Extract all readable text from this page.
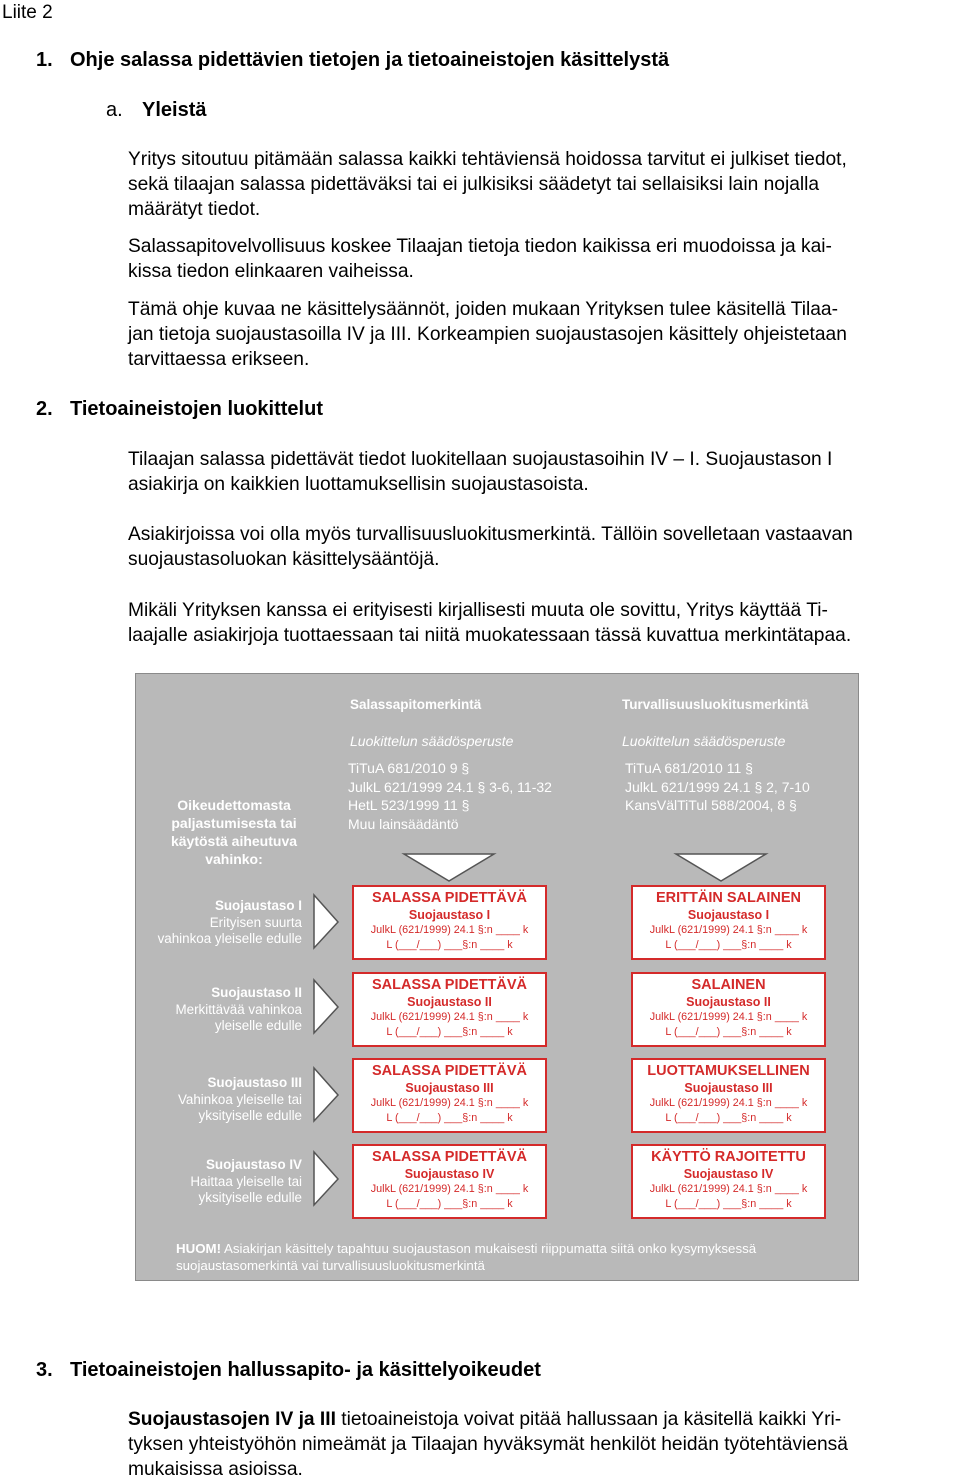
Liite 2
1. Ohje salassa pidettävien tietojen ja tietoaineistojen käsittelystä
a. Yleistä
Yritys sitoutuu pitämään salassa kaikki tehtäviensä hoidossa tarvitut ei julkiset tiedot,
sekä tilaajan salassa pidettäväksi tai ei julkisiksi säädetyt tai sellaisiksi lain nojalla
määrätyt tiedot.
Salassapitovelvollisuus koskee Tilaajan tietoja tiedon kaikissa eri muodoissa ja kai-
kissa tiedon elinkaaren vaiheissa.
Tämä ohje kuvaa ne käsittelysäännöt, joiden mukaan Yrityksen tulee käsitellä Tilaa-
jan tietoja suojaustasoilla IV ja III. Korkeampien suojaustasojen käsittely ohjeistetaan
tarvittaessa erikseen.
2. Tietoaineistojen luokittelut
Tilaajan salassa pidettävät tiedot luokitellaan suojaustasoihin IV – I. Suojaustason I
asiakirja on kaikkien luottamuksellisin suojaustasoista.
Asiakirjoissa voi olla myös turvallisuusluokitusmerkintä. Tällöin sovelletaan vastaavan
suojaustasoluokan käsittelysääntöjä.
Mikäli Yrityksen kanssa ei erityisesti kirjallisesti muuta ole sovittu, Yritys käyttää Ti-
laajalle asiakirjoja tuottaessaan tai niitä muokatessaan tässä kuvattua merkintätapaa.
Salassapitomerkintä	Turvallisuusluokitusmerkintä
Luokittelun säädösperuste	Luokittelun säädösperuste
TiTuA 681/2010 9 §
JulkL 621/1999 24.1 § 3-6, 11-32
HetL 523/1999 11 §
Muu lainsäädäntö
TiTuA 681/2010 11 §
JulkL 621/1999 24.1 § 2, 7-10
KansVälTiTul 588/2004, 8 §
Oikeudettomasta
paljastumisesta tai
käytöstä aiheutuva
vahinko:
Suojaustaso I
Erityisen suurta
vahinkoa yleiselle edulle
SALASSA PIDETTÄVÄ
Suojaustaso I
JulkL (621/1999) 24.1 §:n ____ k
L (___/___) ___§:n ____ k
ERITTÄIN SALAINEN
Suojaustaso I
JulkL (621/1999) 24.1 §:n ____ k
L (___/___) ___§:n ____ k
Suojaustaso II
Merkittävää vahinkoa
yleiselle edulle
SALASSA PIDETTÄVÄ
Suojaustaso II
JulkL (621/1999) 24.1 §:n ____ k
L (___/___) ___§:n ____ k
SALAINEN
Suojaustaso II
JulkL (621/1999) 24.1 §:n ____ k
L (___/___) ___§:n ____ k
Suojaustaso III
Vahinkoa yleiselle tai
yksityiselle edulle
SALASSA PIDETTÄVÄ
Suojaustaso III
JulkL (621/1999) 24.1 §:n ____ k
L (___/___) ___§:n ____ k
LUOTTAMUKSELLINEN
Suojaustaso III
JulkL (621/1999) 24.1 §:n ____ k
L (___/___) ___§:n ____ k
Suojaustaso IV
Haittaa yleiselle tai
yksityiselle edulle
SALASSA PIDETTÄVÄ
Suojaustaso IV
JulkL (621/1999) 24.1 §:n ____ k
L (___/___) ___§:n ____ k
KÄYTTÖ RAJOITETTU
Suojaustaso IV
JulkL (621/1999) 24.1 §:n ____ k
L (___/___) ___§:n ____ k
HUOM! Asiakirjan käsittely tapahtuu suojaustason mukaisesti riippumatta siitä onko kysymyksessä
suojaustasomerkintä vai turvallisuusluokitusmerkintä
3. Tietoaineistojen hallussapito- ja käsittelyoikeudet
Suojaustasojen IV ja III tietoaineistoja voivat pitää hallussaan ja käsitellä kaikki Yri-
tyksen yhteistyöhön nimeämät ja Tilaajan hyväksymät henkilöt heidän työtehtäviensä
mukaisissa asioissa.
